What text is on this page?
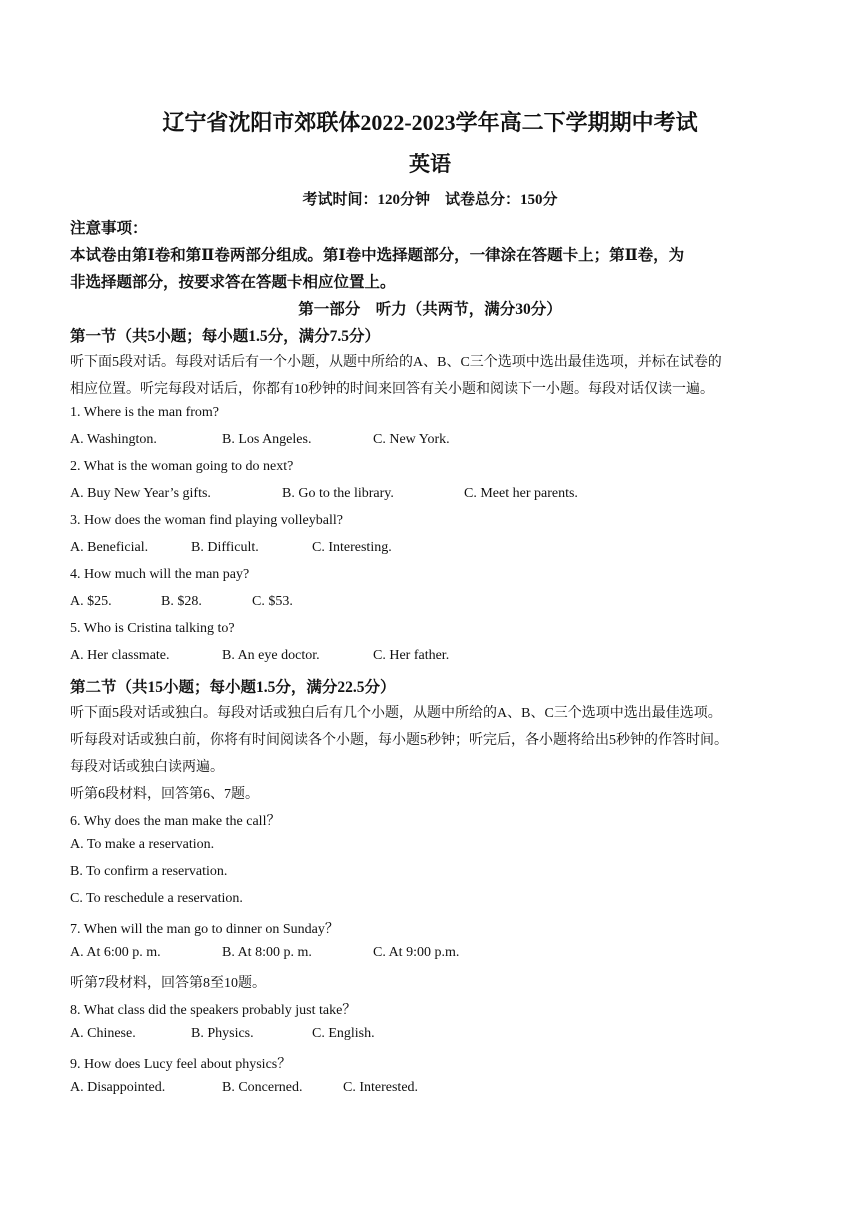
辽宁省沈阳市郊联体2022-2023学年高二下学期期中考试
英语
考试时间：120分钟　试卷总分：150分
注意事项：
本试卷由第Ⅰ卷和第Ⅱ卷两部分组成。第Ⅰ卷中选择题部分，一律涂在答题卡上；第Ⅱ卷，为
非选择题部分，按要求答在答题卡相应位置上。
第一部分　听力（共两节，满分30分）
第一节（共5小题；每小题1.5分，满分7.5分）
听下面5段对话。每段对话后有一个小题，从题中所给的A、B、C三个选项中选出最佳选项，并标在试卷的
相应位置。听完每段对话后，你都有10秒钟的时间来回答有关小题和阅读下一小题。每段对话仅读一遍。
1. Where is the man from?
A. Washington.	B. Los Angeles.	C. New York.
2. What is the woman going to do next?
A. Buy New Year’s gifts.	B. Go to the library.	C. Meet her parents.
3. How does the woman find playing volleyball?
A. Beneficial.	B. Difficult.	C. Interesting.
4. How much will the man pay?
A. $25.	B. $28.	C. $53.
5. Who is Cristina talking to?
A. Her classmate.	B. An eye doctor.	C. Her father.
第二节（共15小题；每小题1.5分，满分22.5分）
听下面5段对话或独白。每段对话或独白后有几个小题，从题中所给的A、B、C三个选项中选出最佳选项。
听每段对话或独白前，你将有时间阅读各个小题，每小题5秒钟；听完后，各小题将给出5秒钟的作答时间。
每段对话或独白读两遍。
听第6段材料，回答第6、7题。
6. Why does the man make the call？
A. To make a reservation.
B. To confirm a reservation.
C. To reschedule a reservation.
7. When will the man go to dinner on Sunday？
A. At 6:00 p. m.	B. At 8:00 p. m.	C. At 9:00 p.m.
听第7段材料，回答第8至10题。
8. What class did the speakers probably just take？
A. Chinese.	B. Physics.	C. English.
9. How does Lucy feel about physics？
A. Disappointed.	B. Concerned.	C. Interested.
